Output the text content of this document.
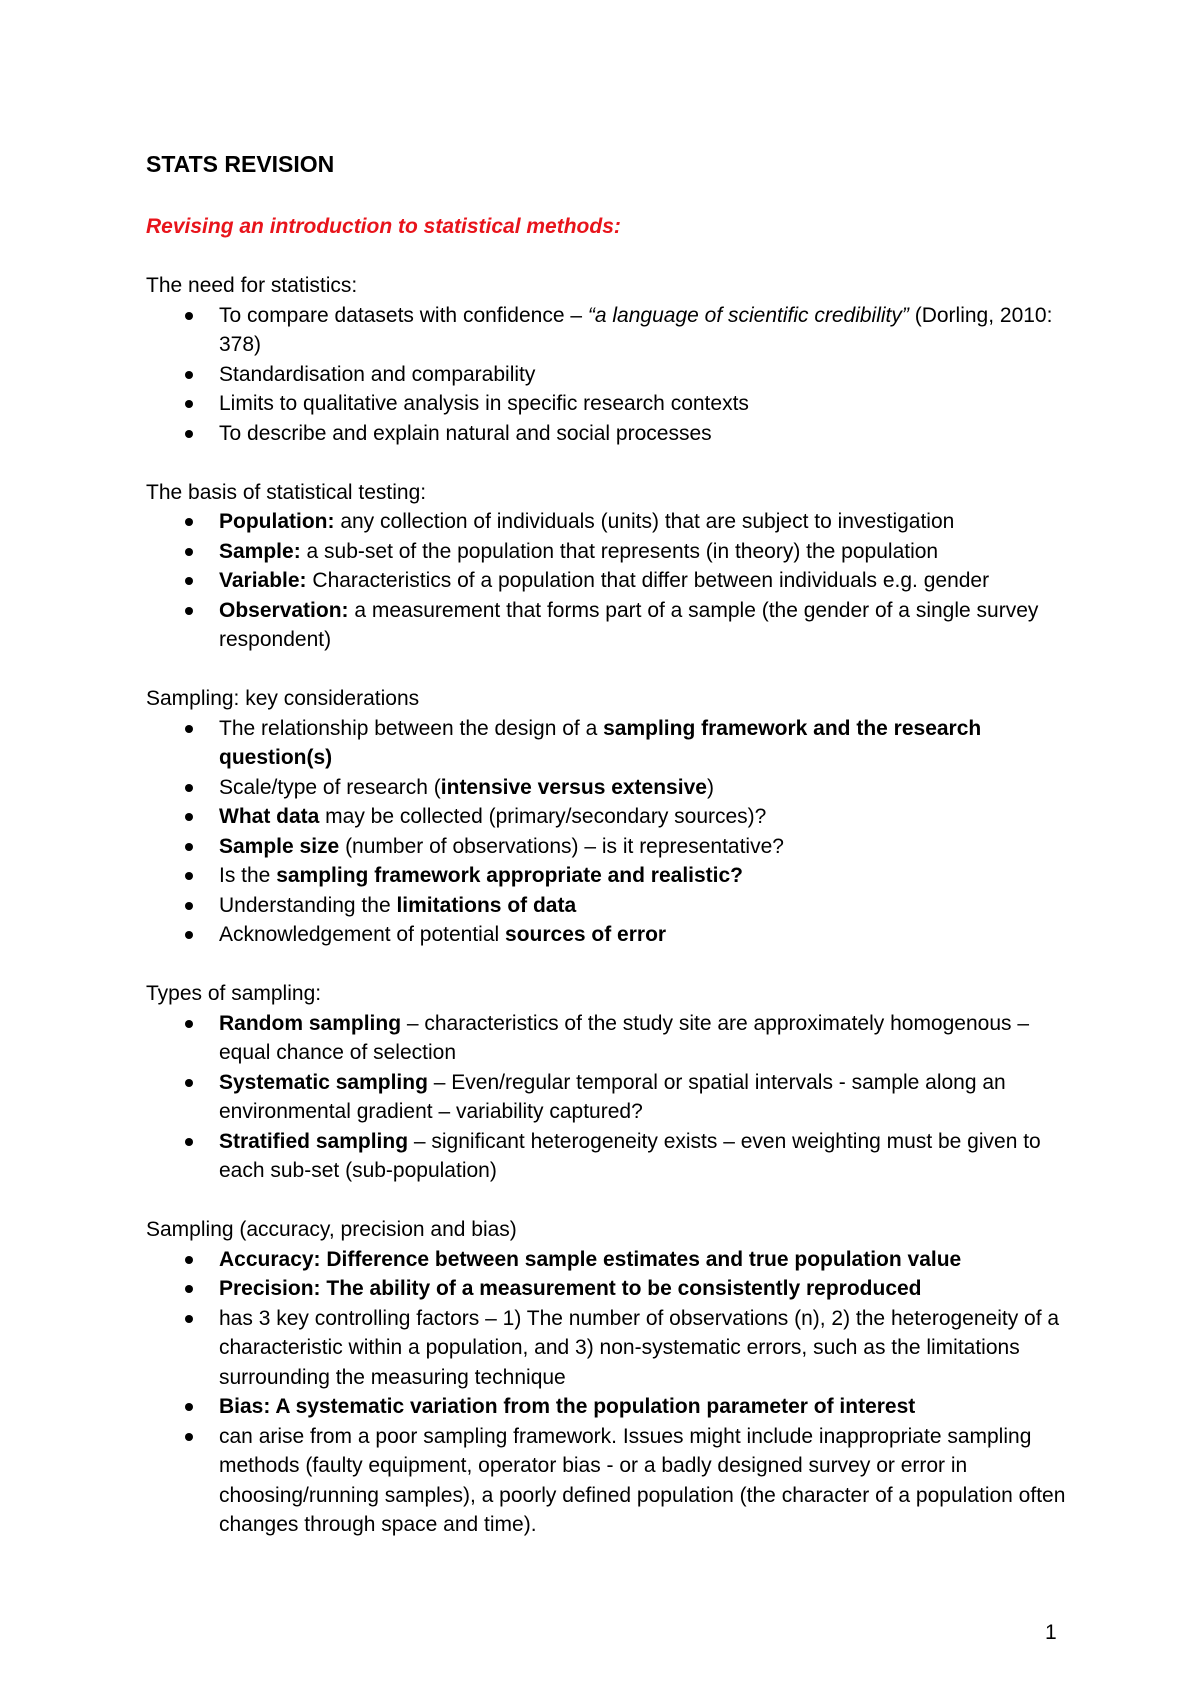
STATS REVISION
Revising an introduction to statistical methods:
The need for statistics:
To compare datasets with confidence – “a language of scientific credibility” (Dorling, 2010: 378)
Standardisation and comparability
Limits to qualitative analysis in specific research contexts
To describe and explain natural and social processes
The basis of statistical testing:
Population: any collection of individuals (units) that are subject to investigation
Sample: a sub-set of the population that represents (in theory) the population
Variable: Characteristics of a population that differ between individuals e.g. gender
Observation: a measurement that forms part of a sample (the gender of a single survey respondent)
Sampling: key considerations
The relationship between the design of a sampling framework and the research question(s)
Scale/type of research (intensive versus extensive)
What data may be collected (primary/secondary sources)?
Sample size (number of observations) – is it representative?
Is the sampling framework appropriate and realistic?
Understanding the limitations of data
Acknowledgement of potential sources of error
Types of sampling:
Random sampling – characteristics of the study site are approximately homogenous – equal chance of selection
Systematic sampling – Even/regular temporal or spatial intervals - sample along an environmental gradient – variability captured?
Stratified sampling – significant heterogeneity exists – even weighting must be given to each sub-set (sub-population)
Sampling (accuracy, precision and bias)
Accuracy: Difference between sample estimates and true population value
Precision: The ability of a measurement to be consistently reproduced
has 3 key controlling factors – 1) The number of observations (n), 2) the heterogeneity of a characteristic within a population, and 3) non-systematic errors, such as the limitations surrounding the measuring technique
Bias: A systematic variation from the population parameter of interest
can arise from a poor sampling framework. Issues might include inappropriate sampling methods (faulty equipment, operator bias - or a badly designed survey or error in choosing/running samples), a poorly defined population (the character of a population often changes through space and time).
1
